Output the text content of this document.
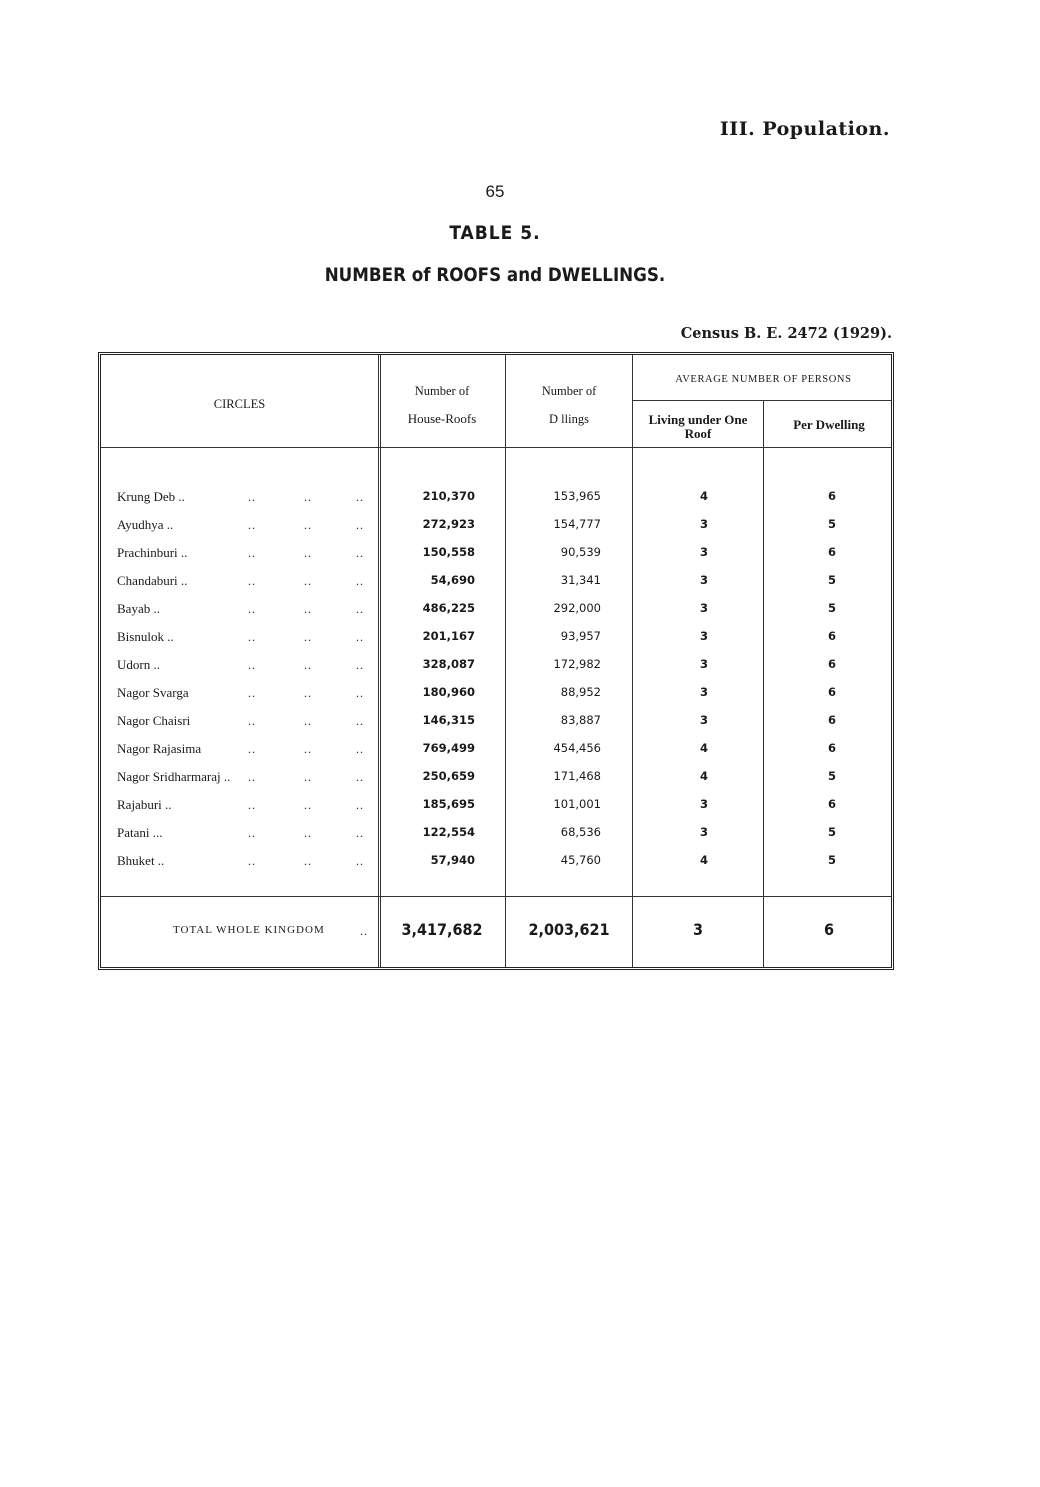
III. Population.
65
TABLE 5.
NUMBER of ROOFS and DWELLINGS.
Census B. E. 2472 (1929).
CIRCLES
Number of
House-Roofs
Number of
D llings
AVERAGE NUMBER OF PERSONS
Living under One Roof
Per Dwelling
Krung Deb ..	..	..	..	210,370	153,965	4	6
Ayudhya ..	..	..	..	272,923	154,777	3	5
Prachinburi ..	..	..	..	150,558	90,539	3	6
Chandaburi ..	..	..	..	54,690	31,341	3	5
Bayab ..	..	..	..	486,225	292,000	3	5
Bisnulok ..	..	..	..	201,167	93,957	3	6
Udorn ..	..	..	..	328,087	172,982	3	6
Nagor Svarga	..	..	..	180,960	88,952	3	6
Nagor Chaisri	..	..	..	146,315	83,887	3	6
Nagor Rajasima	..	..	..	769,499	454,456	4	6
Nagor Sridharmaraj .. ..	..	..	250,659	171,468	4	5
Rajaburi ..	..	..	..	185,695	101,001	3	6
Patani ...	..	..	..	122,554	68,536	3	5
Bhuket ..	..	..	..	57,940	45,760	4	5
TOTAL WHOLE KINGDOM	..	3,417,682	2,003,621	3	6
